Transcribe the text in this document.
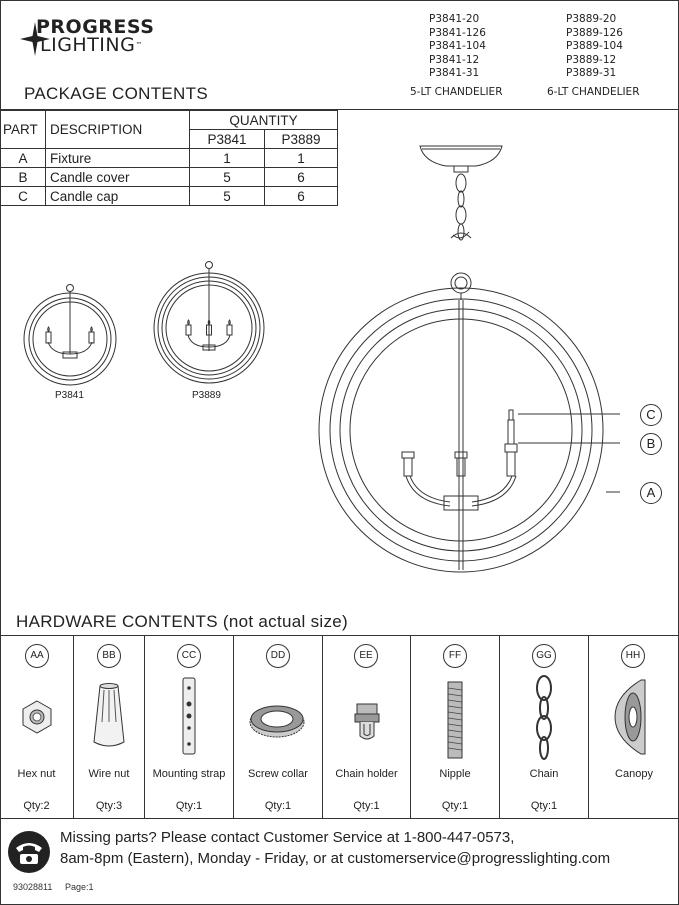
PROGRESS
LIGHTING™
P3841-20
P3841-126
P3841-104
P3841-12
P3841-31
5-LT CHANDELIER
P3889-20
P3889-126
P3889-104
P3889-12
P3889-31
6-LT CHANDELIER
PACKAGE CONTENTS
PART	DESCRIPTION	QUANTITY	
		P3841	P3889
A	Fixture	1	1
B	Candle cover	5	6
C	Candle cap	5	6
P3841	P3889
C
B
A
HARDWARE CONTENTS (not actual size)
AA
Hex nut
Qty:2
BB
Wire nut
Qty:3
CC
Mounting strap
Qty:1
DD
Screw collar
Qty:1
EE
Chain holder
Qty:1
FF
Nipple
Qty:1
GG
Chain
Qty:1
HH
Canopy
Missing parts? Please contact Customer Service at 1-800-447-0573,
8am-8pm (Eastern), Monday - Friday, or at customerservice@progresslighting.com
93028811 Page:1
